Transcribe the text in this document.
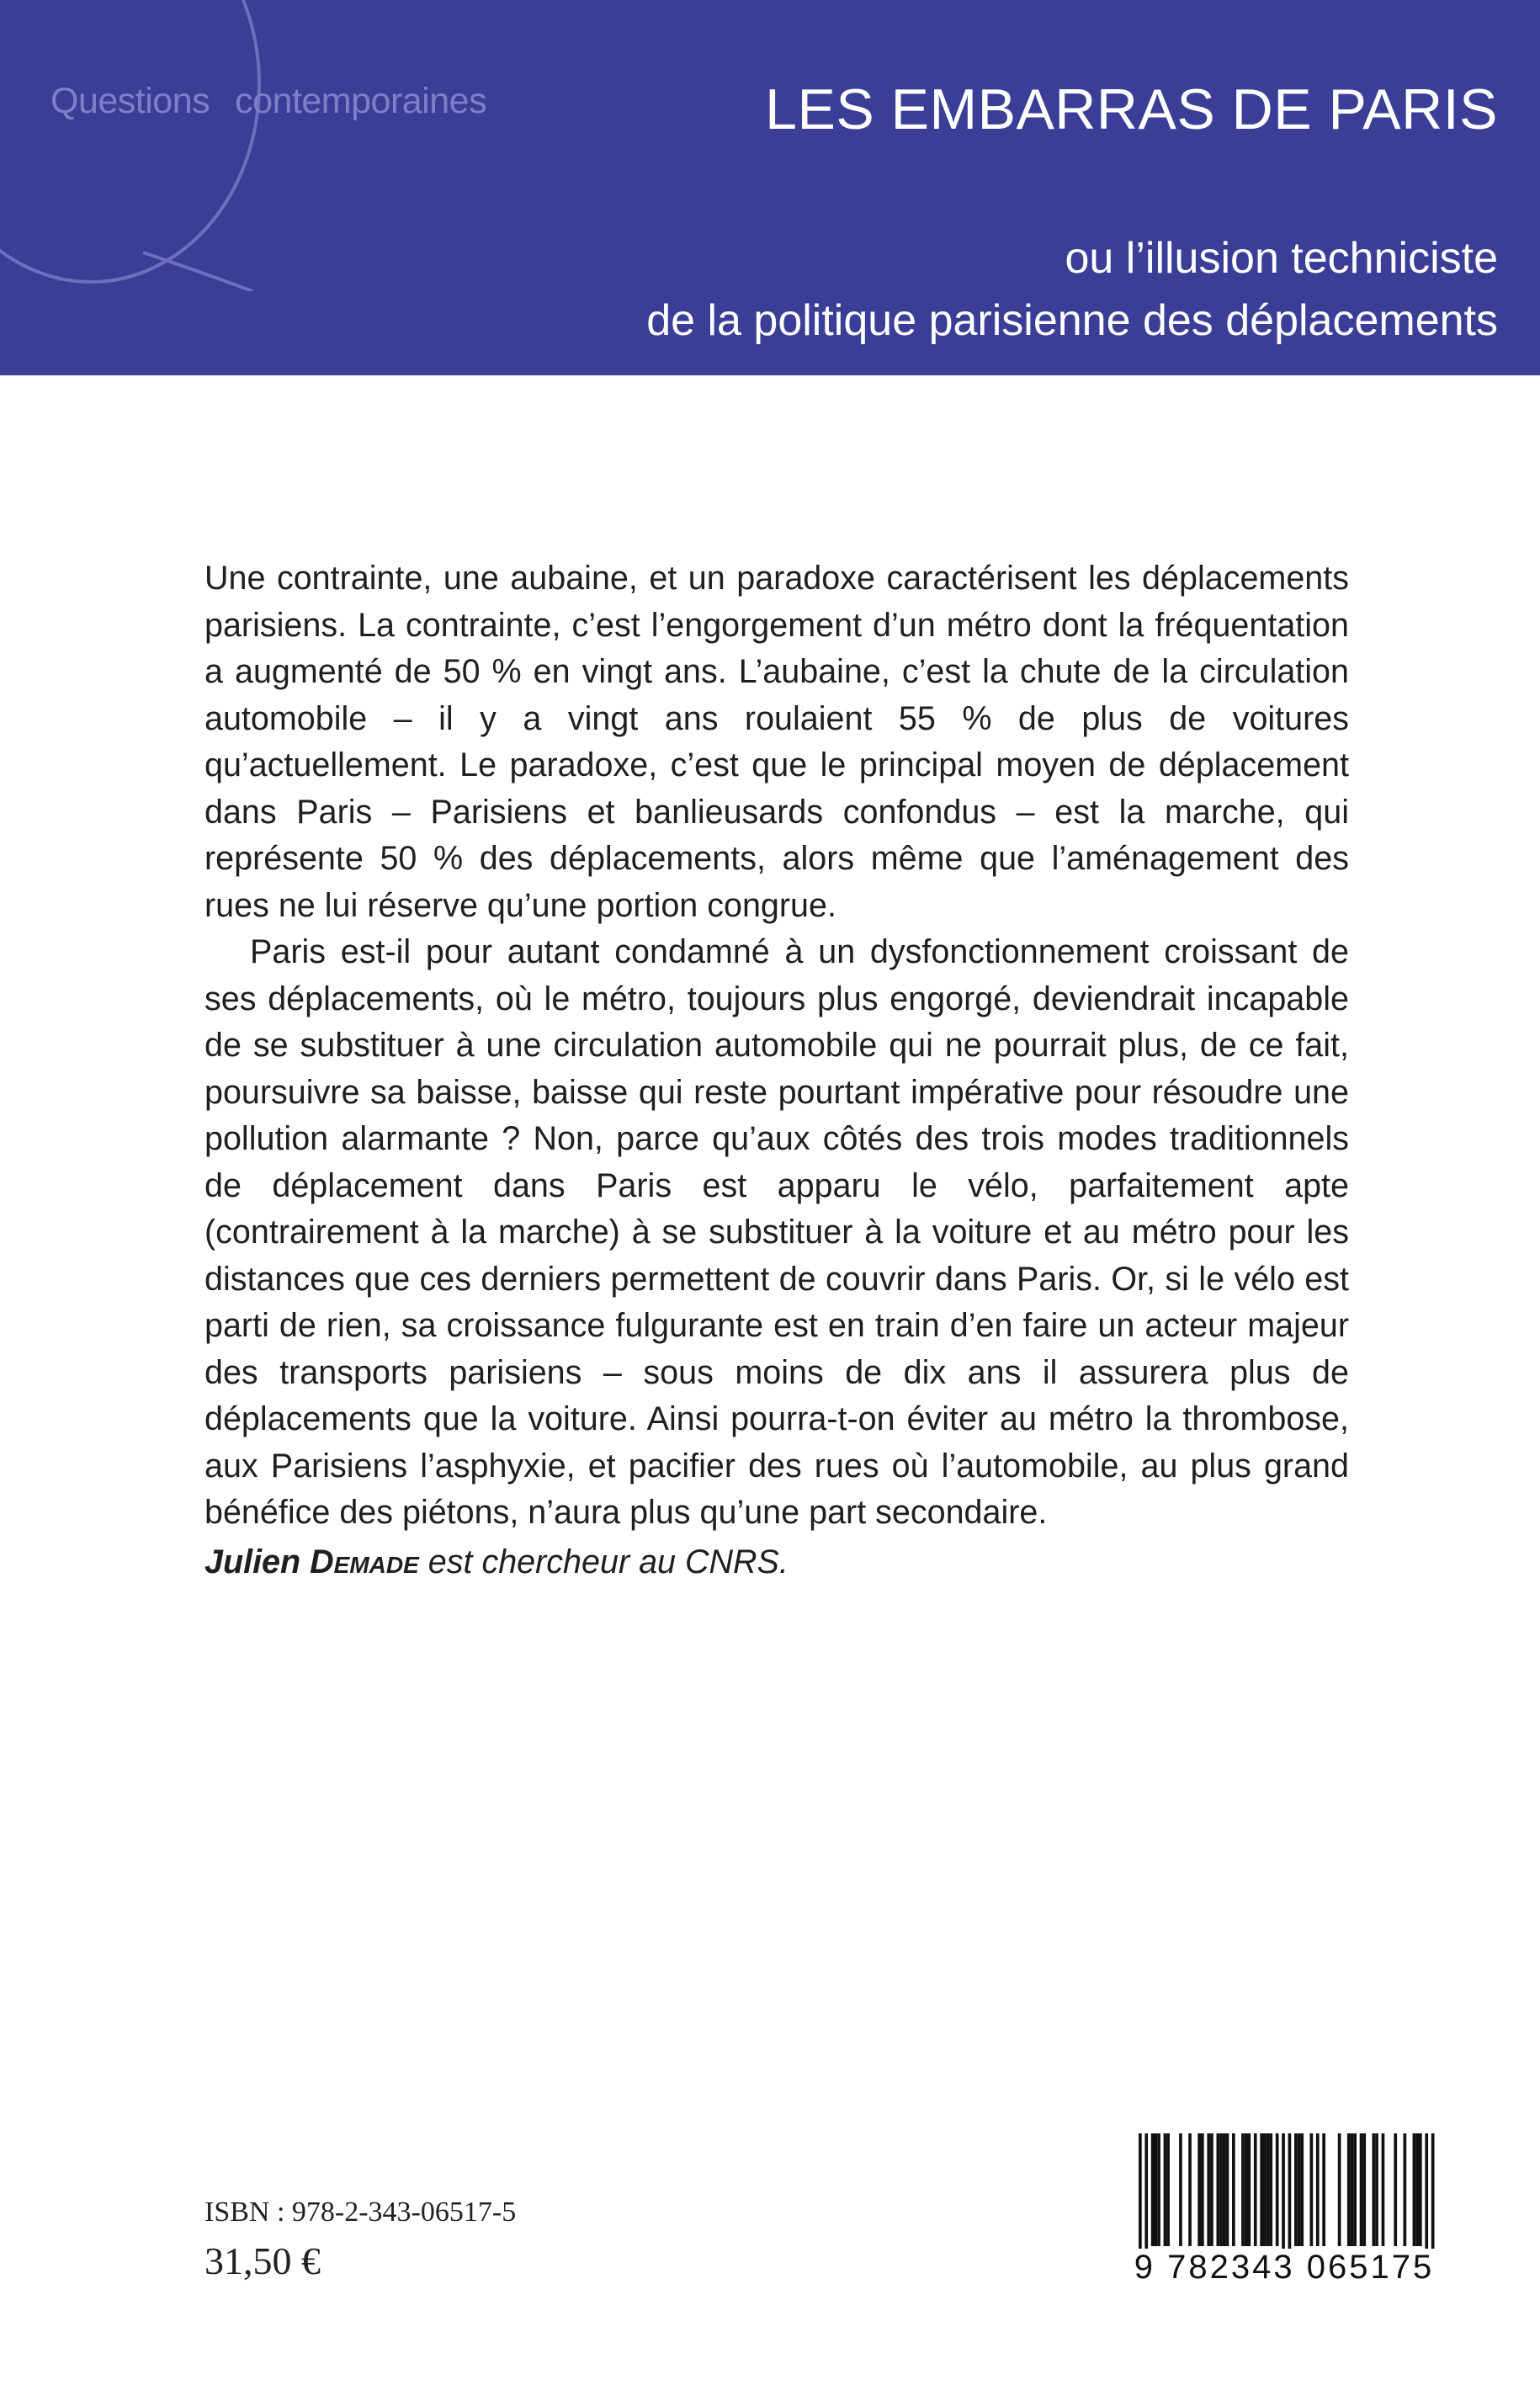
Questions contemporaines	LES EMBARRAS DE PARIS
ou l’illusion techniciste
de la politique parisienne des déplacements

Une contrainte, une aubaine, et un paradoxe caractérisent les déplacements parisiens. La contrainte, c’est l’engorgement d’un métro dont la fréquentation a augmenté de 50 % en vingt ans. L’aubaine, c’est la chute de la circulation automobile – il y a vingt ans roulaient 55 % de plus de voitures qu’actuellement. Le paradoxe, c’est que le principal moyen de déplacement dans Paris – Parisiens et banlieusards confondus – est la marche, qui représente 50 % des déplacements, alors même que l’aménagement des rues ne lui réserve qu’une portion congrue.

Paris est-il pour autant condamné à un dysfonctionnement croissant de ses déplacements, où le métro, toujours plus engorgé, deviendrait incapable de se substituer à une circulation automobile qui ne pourrait plus, de ce fait, poursuivre sa baisse, baisse qui reste pourtant impérative pour résoudre une pollution alarmante ? Non, parce qu’aux côtés des trois modes traditionnels de déplacement dans Paris est apparu le vélo, parfaitement apte (contrairement à la marche) à se substituer à la voiture et au métro pour les distances que ces derniers permettent de couvrir dans Paris. Or, si le vélo est parti de rien, sa croissance fulgurante est en train d’en faire un acteur majeur des transports parisiens – sous moins de dix ans il assurera plus de déplacements que la voiture. Ainsi pourra-t-on éviter au métro la thrombose, aux Parisiens l’asphyxie, et pacifier des rues où l’automobile, au plus grand bénéfice des piétons, n’aura plus qu’une part secondaire.

Julien Demade est chercheur au CNRS.
ISBN : 978-2-343-06517-5
31,50 €	9 782343 065175
